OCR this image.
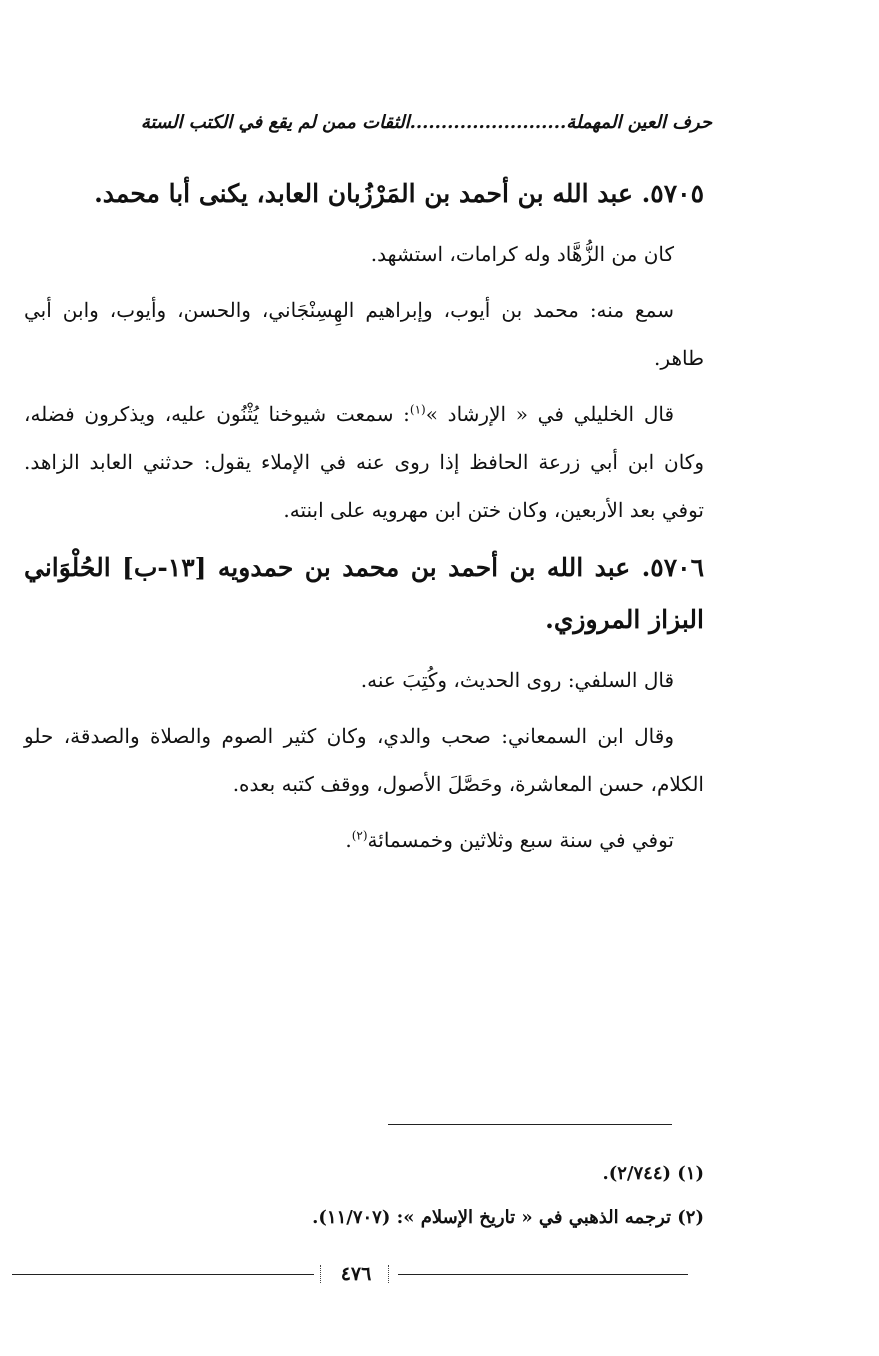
حرف العين المهملة.........................الثقات ممن لم يقع في الكتب الستة

٥٧٠٥. عبد الله بن أحمد بن المَرْزُبان العابد، يكنى أبا محمد.

كان من الزُّهَّاد وله كرامات، استشهد.

سمع منه: محمد بن أيوب، وإبراهيم الهِسِنْجَاني، والحسن، وأيوب، وابن أبي طاهر.

قال الخليلي في « الإرشاد »$^{(١)}$: سمعت شيوخنا يُثْنُون عليه، ويذكرون فضله، وكان ابن أبي زرعة الحافظ إذا روى عنه في الإملاء يقول: حدثني العابد الزاهد. توفي بعد الأربعين، وكان ختن ابن مهرويه على ابنته.

٥٧٠٦. عبد الله بن أحمد بن محمد بن حمدويه [١٣-ب] الحُلْوَاني البزاز المروزي.

قال السلفي: روى الحديث، وكُتِبَ عنه.

وقال ابن السمعاني: صحب والدي، وكان كثير الصوم والصلاة والصدقة، حلو الكلام، حسن المعاشرة، وحَصَّلَ الأصول، ووقف كتبه بعده.

توفي في سنة سبع وثلاثين وخمسمائة$^{(٢)}$.

(١) (٢/٧٤٤).

(٢) ترجمه الذهبي في « تاريخ الإسلام »: (١١/٧٠٧).

٤٧٦
